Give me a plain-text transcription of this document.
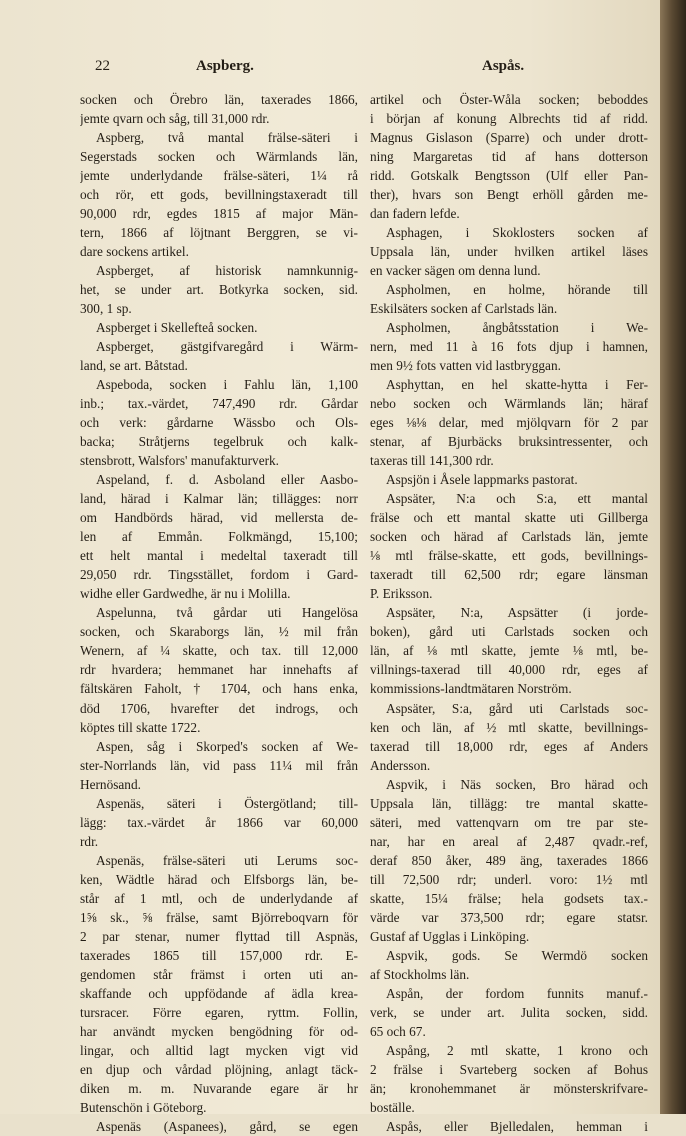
22	Aspberg.	Aspås.
socken och Örebro län, taxerades 1866,
jemte qvarn och såg, till 31,000 rdr.
Aspberg, två mantal frälse-säteri i
Segerstads socken och Wärmlands län,
jemte underlydande frälse-säteri, 1¼ rå
och rör, ett gods, bevillningstaxeradt till
90,000 rdr, egdes 1815 af major Män-
tern, 1866 af löjtnant Berggren, se vi-
dare sockens artikel.
Aspberget, af historisk namnkunnig-
het, se under art. Botkyrka socken, sid.
300, 1 sp.
Aspberget i Skellefteå socken.
Aspberget, gästgifvaregård i Wärm-
land, se art. Båtstad.
Aspeboda, socken i Fahlu län, 1,100
inb.; tax.-värdet, 747,490 rdr. Gårdar
och verk: gårdarne Wässbo och Ols-
backa; Stråtjerns tegelbruk och kalk-
stensbrott, Walsfors' manufakturverk.
Aspeland, f. d. Asboland eller Aasbo-
land, härad i Kalmar län; tillägges: norr
om Handbörds härad, vid mellersta de-
len af Emmån. Folkmängd, 15,100;
ett helt mantal i medeltal taxeradt till
29,050 rdr. Tingsstället, fordom i Gard-
widhe eller Gardwedhe, är nu i Molilla.
Aspelunna, två gårdar uti Hangelösa
socken, och Skaraborgs län, ½ mil från
Wenern, af ¼ skatte, och tax. till 12,000
rdr hvardera; hemmanet har innehafts af
fältskären Faholt, † 1704, och hans enka,
död 1706, hvarefter det indrogs, och
köptes till skatte 1722.
Aspen, såg i Skorped's socken af We-
ster-Norrlands län, vid pass 11¼ mil från
Hernösand.
Aspenäs, säteri i Östergötland; till-
lägg: tax.-värdet år 1866 var 60,000
rdr.
Aspenäs, frälse-säteri uti Lerums soc-
ken, Wädtle härad och Elfsborgs län, be-
står af 1 mtl, och de underlydande af
1⅝ sk., ⅝ frälse, samt Björreboqvarn för
2 par stenar, numer flyttad till Aspnäs,
taxerades 1865 till 157,000 rdr. E-
gendomen står främst i orten uti an-
skaffande och uppfödande af ädla krea-
tursracer. Förre egaren, ryttm. Follin,
har användt mycken bengödning för od-
lingar, och alltid lagt mycken vigt vid
en djup och vårdad plöjning, anlagt täck-
diken m. m. Nuvarande egare är hr
Butenschön i Göteborg.
Aspenäs (Aspanees), gård, se egen
artikel och Öster-Wåla socken; beboddes
i början af konung Albrechts tid af ridd.
Magnus Gislason (Sparre) och under drott-
ning Margaretas tid af hans dotterson
ridd. Gotskalk Bengtsson (Ulf eller Pan-
ther), hvars son Bengt erhöll gården me-
dan fadern lefde.
Asphagen, i Skoklosters socken af
Uppsala län, under hvilken artikel läses
en vacker sägen om denna lund.
Aspholmen, en holme, hörande till
Eskilsäters socken af Carlstads län.
Aspholmen, ångbåtsstation i We-
nern, med 11 à 16 fots djup i hamnen,
men 9½ fots vatten vid lastbryggan.
Asphyttan, en hel skatte-hytta i Fer-
nebo socken och Wärmlands län; häraf
eges ⅛⅛ delar, med mjölqvarn för 2 par
stenar, af Bjurbäcks bruksintressenter, och
taxeras till 141,300 rdr.
Aspsjön i Åsele lappmarks pastorat.
Aspsäter, N:a och S:a, ett mantal
frälse och ett mantal skatte uti Gillberga
socken och härad af Carlstads län, jemte
⅛ mtl frälse-skatte, ett gods, bevillnings-
taxeradt till 62,500 rdr; egare länsman
P. Eriksson.
Aspsäter, N:a, Aspsätter (i jorde-
boken), gård uti Carlstads socken och
län, af ⅛ mtl skatte, jemte ⅛ mtl, be-
villnings-taxerad till 40,000 rdr, eges af
kommissions-landtmätaren Norström.
Aspsäter, S:a, gård uti Carlstads soc-
ken och län, af ½ mtl skatte, bevillnings-
taxerad till 18,000 rdr, eges af Anders
Andersson.
Aspvik, i Näs socken, Bro härad och
Uppsala län, tillägg: tre mantal skatte-
säteri, med vattenqvarn om tre par ste-
nar, har en areal af 2,487 qvadr.-ref,
deraf 850 åker, 489 äng, taxerades 1866
till 72,500 rdr; underl. voro: 1½ mtl
skatte, 15¼ frälse; hela godsets tax.-
värde var 373,500 rdr; egare statsr.
Gustaf af Ugglas i Linköping.
Aspvik, gods. Se Wermdö socken
af Stockholms län.
Aspån, der fordom funnits manuf.-
verk, se under art. Julita socken, sidd.
65 och 67.
Aspång, 2 mtl skatte, 1 krono och
2 frälse i Svarteberg socken af Bohus
än; kronohemmanet är mönsterskrifvare-
boställe.
Aspås, eller Bjelledalen, hemman i
